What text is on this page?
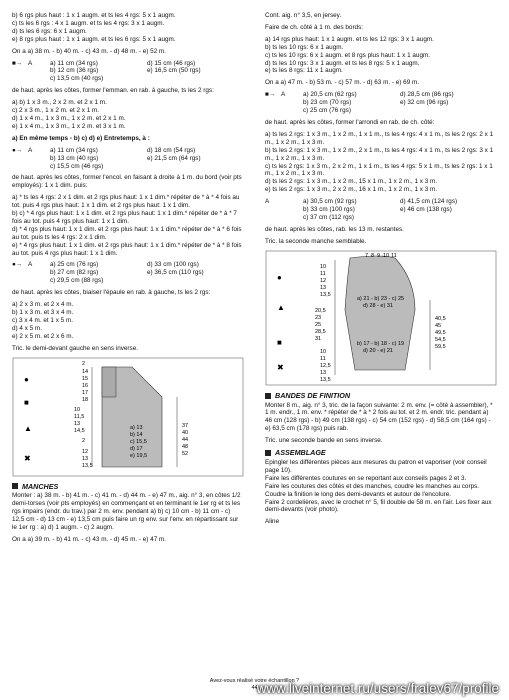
b) 6 rgs plus haut : 1 x 1 augm. et ts les 4 rgs: 5 x 1 augm.

c) ts les 6 rgs : 4 x 1 augm. et ts les 4 rgs: 3 x 1 augm.

d) ts les 6 rgs: 6 x 1 augm.

e) 8 rgs plus haut : 1 x 1 augm. et ts les 6 rgs: 5 x 1 augm.

On a a) 38 m. - b) 40 m. - c) 43 m. - d) 48 m. - e) 52 m.

■→ A	a) 11 cm (34 rgs)	d) 15 cm (46 rgs)
b) 12 cm (36 rgs)	e) 16,5 cm (50 rgs)
c) 13,5 cm (40 rgs)

de haut. après les côtes, former l'emman. en rab. à gauche, ts les 2 rgs:

a) b) 1 x 3 m., 2 x 2 m. et 2 x 1 m.

c) 2 x 3 m., 1 x 2 m. et 2 x 1 m.

d) 1 x 4 m., 1 x 3 m., 1 x 2 m. et 2 x 1 m.

e) 1 x 4 m., 1 x 3 m., 1 x 2 m. et 3 x 1 m.

a) En même temps - b) c) d) e) Entretemps, à :

●→ A	a) 11 cm (34 rgs)	d) 18 cm (54 rgs)
b) 13 cm (40 rgs)	e) 21,5 cm (64 rgs)
c) 15,5 cm (46 rgs)

de haut. après les côtes, former l'encol. en faisant à droite à 1 m. du bord (voir pts employés): 1 x 1 dim. puis:

a) * ts les 4 rgs: 2 x 1 dim. et 2 rgs plus haut: 1 x 1 dim.* répéter de * à * 4 fois au tot. puis 4 rgs plus haut: 1 x 1 dim. et 2 rgs plus haut: 1 x 1 dim.

b) c) * 4 rgs plus haut: 1 x 1 dim. et 2 rgs plus haut: 1 x 1 dim.* répéter de * à * 7 fois au tot. puis 4 rgs plus haut: 1 x 1 dim.

d) * 4 rgs plus haut: 1 x 1 dim. et 2 rgs plus haut: 1 x 1 dim.* répéter de * à * 6 fois au tot. puis ts les 4 rgs: 2 x 1 dim.

e) * 4 rgs plus haut: 1 x 1 dim. et 2 rgs plus haut: 1 x 1 dim.* répéter de * à * 8 fois au tot. puis 4 rgs plus haut: 1 x 1 dim.

●→ A	a) 25 cm (76 rgs)	d) 33 cm (100 rgs)
b) 27 cm (82 rgs)	e) 36,5 cm (110 rgs)
c) 29,5 cm (88 rgs)

de haut. après les côtes, biaiser l'épaule en rab. à gauche, ts les 2 rgs:

a) 2 x 3 m. et 2 x 4 m.

b) 1 x 3 m. et 3 x 4 m.

c) 3 x 4 m. et 1 x 5 m.

d) 4 x 5 m.

e) 2 x 5 m. et 2 x 6 m.

Tric. le demi-devant gauche en sens inverse.

●
■
▲
✖
2
14
15
16
17
18
10
11,5
13
14,5
2
12
13
13,5
37
40
44
48
52
a) 13
b) 14
c) 15,5
d) 17
e) 19,5
MANCHES

Monter : a) 38 m. - b) 41 m. - c) 41 m. - d) 44 m. - e) 47 m., aig. n° 3, en côtes 1/2 demi-torses (voir pts employés) en commençant et en terminant le 1er rg et ts les rgs impairs (endr. du trav.) par 2 m. env. pendant a) b) c) 10 cm - b) 11 cm - c) 12,5 cm - d) 13 cm - e) 13,5 cm puis faire un rg env. sur l'env. en répartissant sur le 1er rg : a) d) 1 augm. - c) 2 augm.

On a a) 39 m. - b) 41 m. - c) 43 m. - d) 45 m. - e) 47 m.

Cont. aig. n° 3,5, en jersey.

Faire de ch. côté à 1 m. des bords:

a) 14 rgs plus haut: 1 x 1 augm. et ts les 12 rgs: 3 x 1 augm.

b) ts les 10 rgs: 6 x 1 augm.

c) ts les 10 rgs: 6 x 1 augm. et 8 rgs plus haut: 1 x 1 augm.

d) ts les 10 rgs: 3 x 1 augm. et ts les 8 rgs: 5 x 1 augm.

e) ts les 8 rgs: 11 x 1 augm.

On a a) 47 m. - b) 53 m. - c) 57 m. - d) 63 m. - e) 69 m.

■→ A	a) 20,5 cm (62 rgs)	d) 28,5 cm (86 rgs)
b) 23 cm (70 rgs)	e) 32 cm (96 rgs)
c) 25 cm (76 rgs)

de haut. après les côtes, former l'arrondi en rab. de ch. côté:

a) ts les 2 rgs: 1 x 3 m., 1 x 2 m., 1 x 1 m., ts les 4 rgs: 4 x 1 m., ts les 2 rgs: 2 x 1 m., 1 x 2 m., 1 x 3 m.

b) ts les 2 rgs: 1 x 3 m., 1 x 2 m., 2 x 1 m., ts les 4 rgs: 4 x 1 m., ts les 2 rgs: 3 x 1 m., 1 x 2 m., 1 x 3 m.

c) ts les 2 rgs: 1 x 3 m., 2 x 2 m., 1 x 1 m., ts les 4 rgs: 5 x 1 m., ts les 2 rgs: 1 x 1 m., 1 x 2 m., 1 x 3 m.

d) ts les 2 rgs: 1 x 3 m., 1 x 2 m., 15 x 1 m., 1 x 2 m., 1 x 3 m.

e) ts les 2 rgs: 1 x 3 m., 2 x 2 m., 16 x 1 m., 1 x 2 m., 1 x 3 m.

A	a) 30,5 cm (92 rgs)	d) 41,5 cm (124 rgs)
b) 33 cm (100 rgs)	e) 46 cm (138 rgs)
c) 37 cm (112 rgs)

de haut. après les côtes, rab. les 13 m. restantes.

Tric. la seconde manche semblable.

●
▲
■
✖
7 8 9 10 11
10
11
12
13
13,5
20,5
23
25
28,5
31
10
11
12,5
13
13,5
40,5
45
49,5
54,5
59,5
a) 21 - b) 23 - c) 25
d) 28 - e) 31
b) 17 - b) 18 - c) 19
d) 20 - e) 21
BANDES DE FINITION

Monter 8 m., aig. n° 3, tric. de la façon suivante: 2 m. env. (= côté à assembler), * 1 m. endr., 1 m. env. * répéter de * à * 2 fois au tot. et 2 m. endr. tric. pendant a) 46 cm (128 rgs) - b) 49 cm (138 rgs) - c) 54 cm (152 rgs) - d) 58,5 cm (164 rgs) - e) 63,5 cm (178 rgs) puis rab.

Tric. une seconde bande en sens inverse.

ASSEMBLAGE

Epingler les différentes pièces aux mesures du patron et vaporiser (voir conseil page 10).

Faire les différentes coutures en se reportant aux conseils pages 2 et 3.

Faire les coutures des côtés et des manches, coudre les manches au corps.

Coudre la finition le long des demi-devants et autour de l'encolure.

Faire 2 cordelières, avec le crochet n° 5, fil double de 58 m. en l'air. Les fixer aux demi-devants (voir photo).

Aline

Avez-vous réalisé votre échantillon ?
44 www.liveinternet.ru/users/fralev67/profile
